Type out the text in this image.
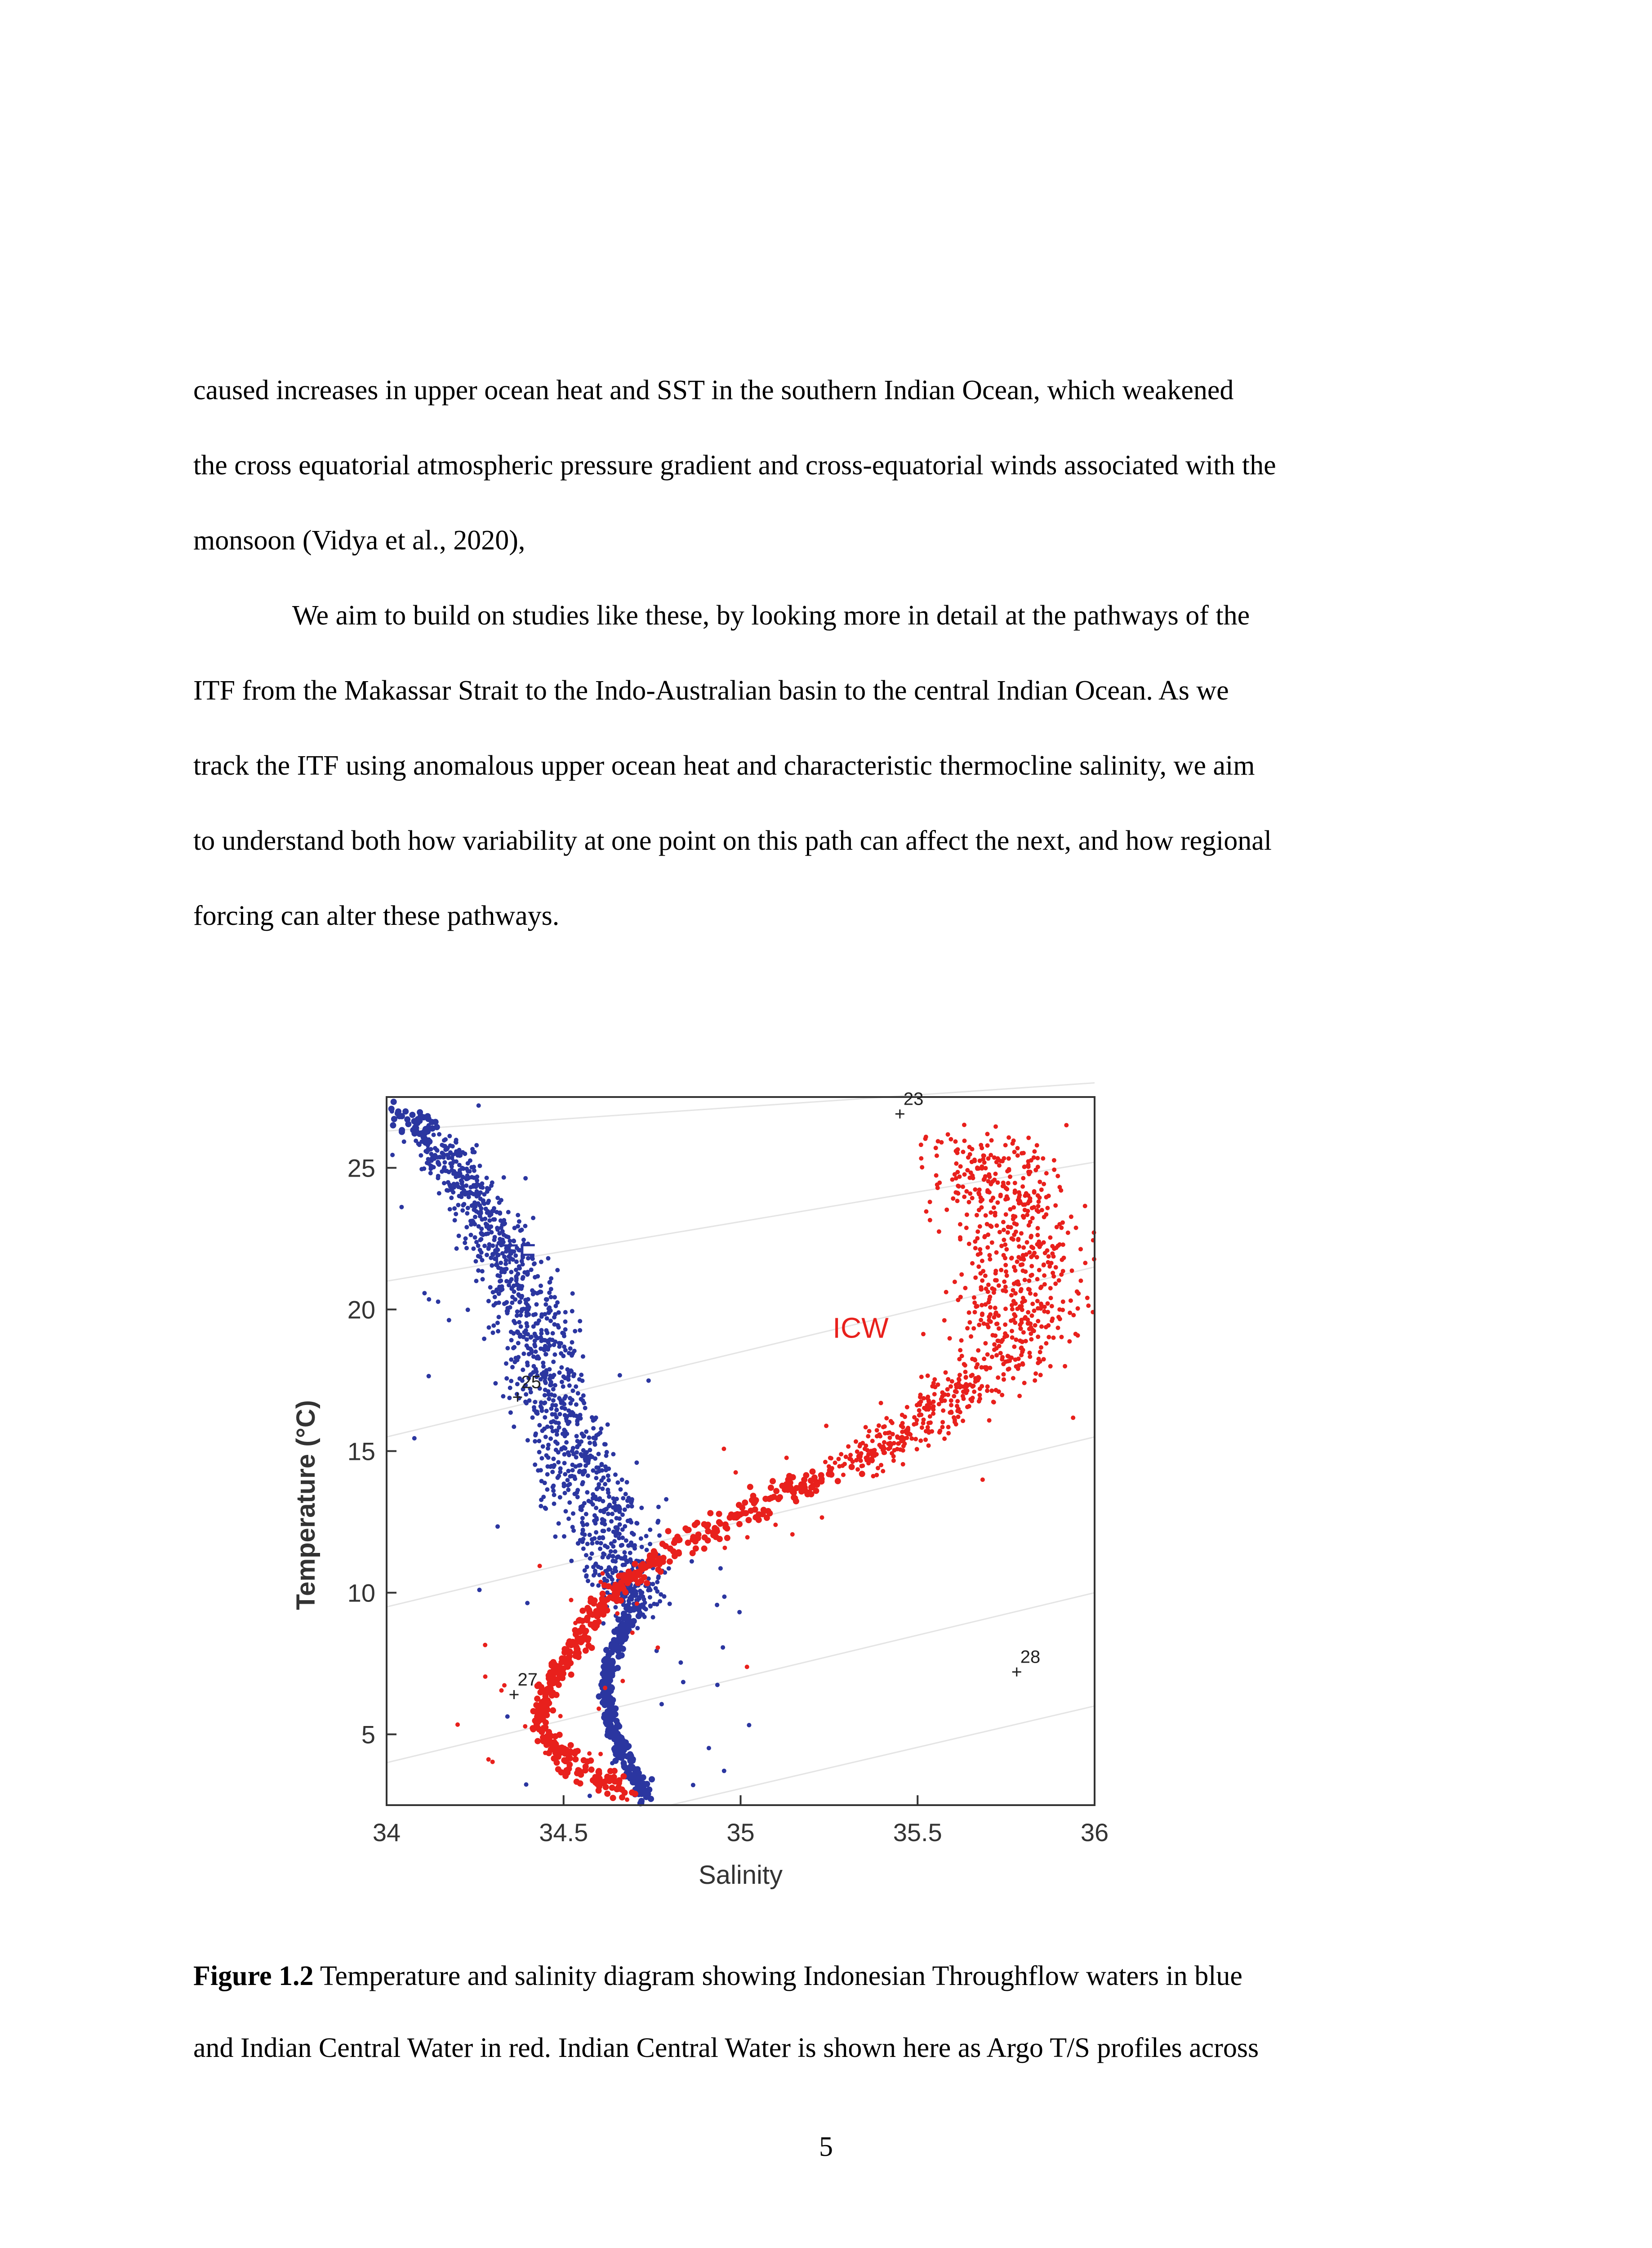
caused increases in upper ocean heat and SST in the southern Indian Ocean, which weakened
the cross equatorial atmospheric pressure gradient and cross-equatorial winds associated with the
monsoon (Vidya et al., 2020),
We aim to build on studies like these, by looking more in detail at the pathways of the
ITF from the Makassar Strait to the Indo-Australian basin to the central Indian Ocean. As we
track the ITF using anomalous upper ocean heat and characteristic thermocline salinity, we aim
to understand both how variability at one point on this path can affect the next, and how regional
forcing can alter these pathways.
34	34.5	35	35.5	36
5
10
15
20
25
Salinity
Temperature (°C)
ITF
ICW
23
25
27
28
Figure 1.2 Temperature and salinity diagram showing Indonesian Throughflow waters in blue
and Indian Central Water in red. Indian Central Water is shown here as Argo T/S profiles across
5
